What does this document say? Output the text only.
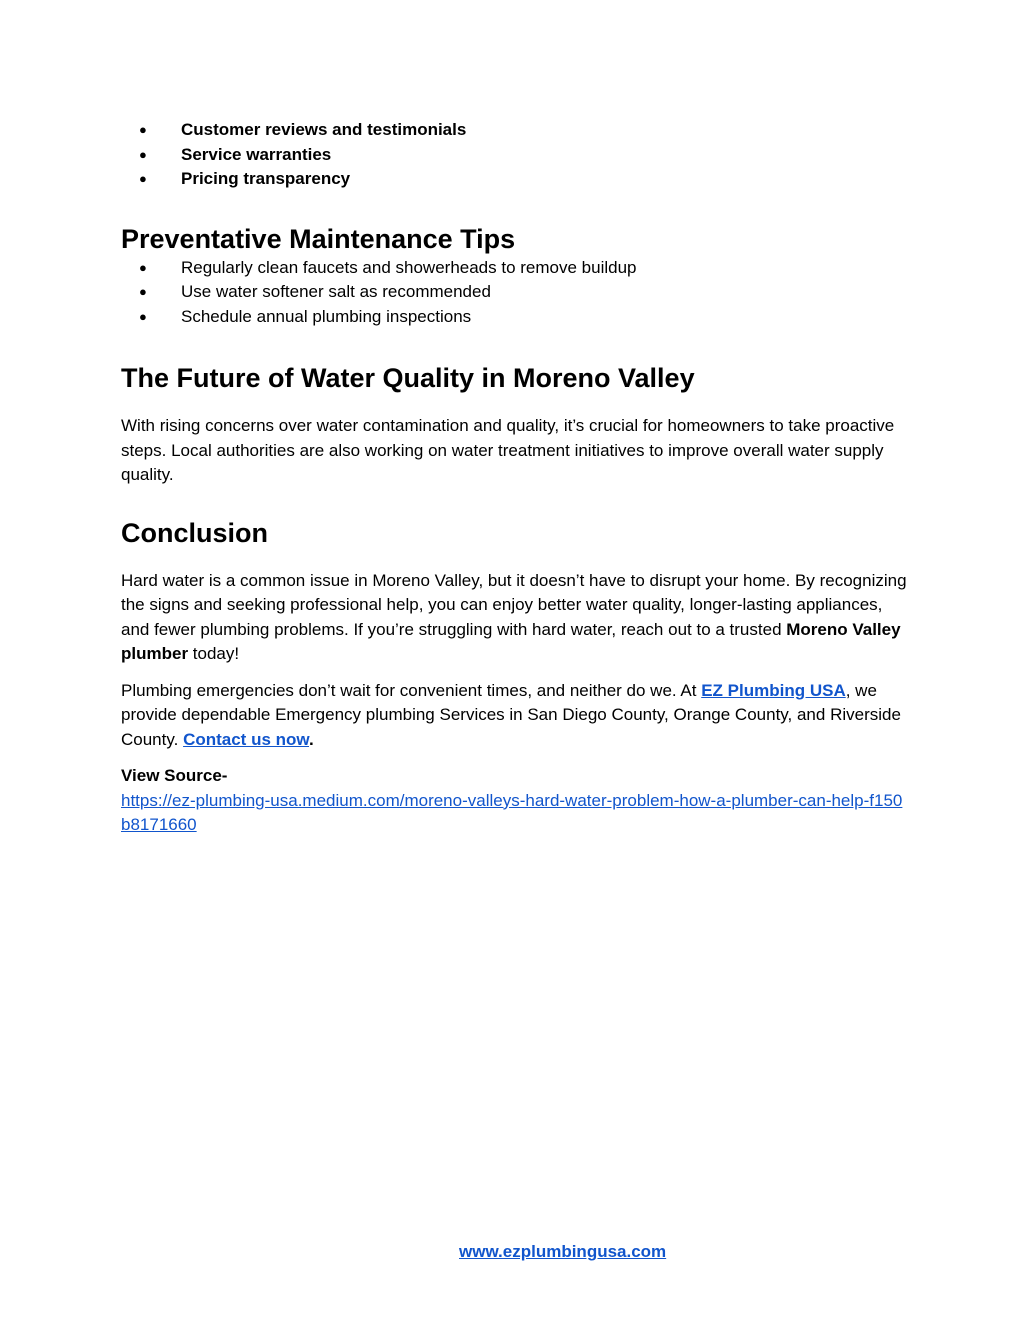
● Customer reviews and testimonials
● Service warranties
● Pricing transparency
Preventative Maintenance Tips
● Regularly clean faucets and showerheads to remove buildup
● Use water softener salt as recommended
● Schedule annual plumbing inspections
The Future of Water Quality in Moreno Valley

With rising concerns over water contamination and quality, it’s crucial for homeowners to take proactive steps. Local authorities are also working on water treatment initiatives to improve overall water supply quality.

Conclusion

Hard water is a common issue in Moreno Valley, but it doesn’t have to disrupt your home. By recognizing the signs and seeking professional help, you can enjoy better water quality, longer-lasting appliances, and fewer plumbing problems. If you’re struggling with hard water, reach out to a trusted Moreno Valley plumber today!

Plumbing emergencies don’t wait for convenient times, and neither do we. At EZ Plumbing USA, we provide dependable Emergency plumbing Services in San Diego County, Orange County, and Riverside County. Contact us now.

View Source-
https://ez-plumbing-usa.medium.com/moreno-valleys-hard-water-problem-how-a-plumber-can-help-f150b8171660

www.ezplumbingusa.com
